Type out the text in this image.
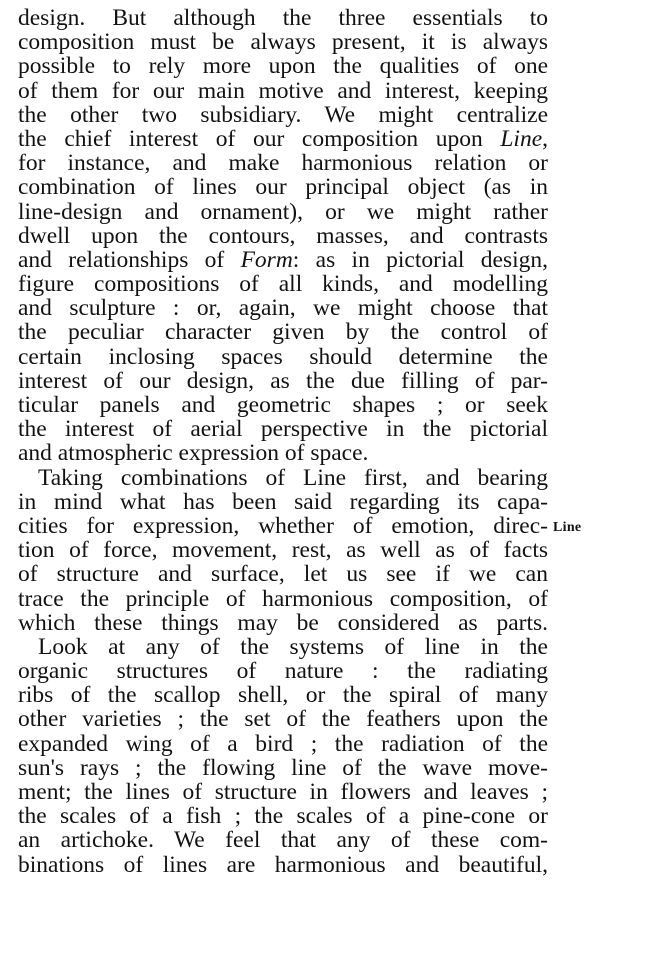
design. But although the three essentials to
composition must be always present, it is always
possible to rely more upon the qualities of one
of them for our main motive and interest, keeping
the other two subsidiary. We might centralize
the chief interest of our composition upon Line,
for instance, and make harmonious relation or
combination of lines our principal object (as in
line-design and ornament), or we might rather
dwell upon the contours, masses, and contrasts
and relationships of Form: as in pictorial design,
figure compositions of all kinds, and modelling
and sculpture : or, again, we might choose that
the peculiar character given by the control of
certain inclosing spaces should determine the
interest of our design, as the due filling of par-
ticular panels and geometric shapes ; or seek
the interest of aerial perspective in the pictorial
and atmospheric expression of space.
Taking combinations of Line first, and bearing
in mind what has been said regarding its capa-
cities for expression, whether of emotion, direc-
tion of force, movement, rest, as well as of facts
of structure and surface, let us see if we can
trace the principle of harmonious composition, of
which these things may be considered as parts.
Look at any of the systems of line in the
organic structures of nature : the radiating
ribs of the scallop shell, or the spiral of many
other varieties ; the set of the feathers upon the
expanded wing of a bird ; the radiation of the
sun's rays ; the flowing line of the wave move-
ment; the lines of structure in flowers and leaves ;
the scales of a fish ; the scales of a pine-cone or
an artichoke. We feel that any of these com-
binations of lines are harmonious and beautiful,
Line
